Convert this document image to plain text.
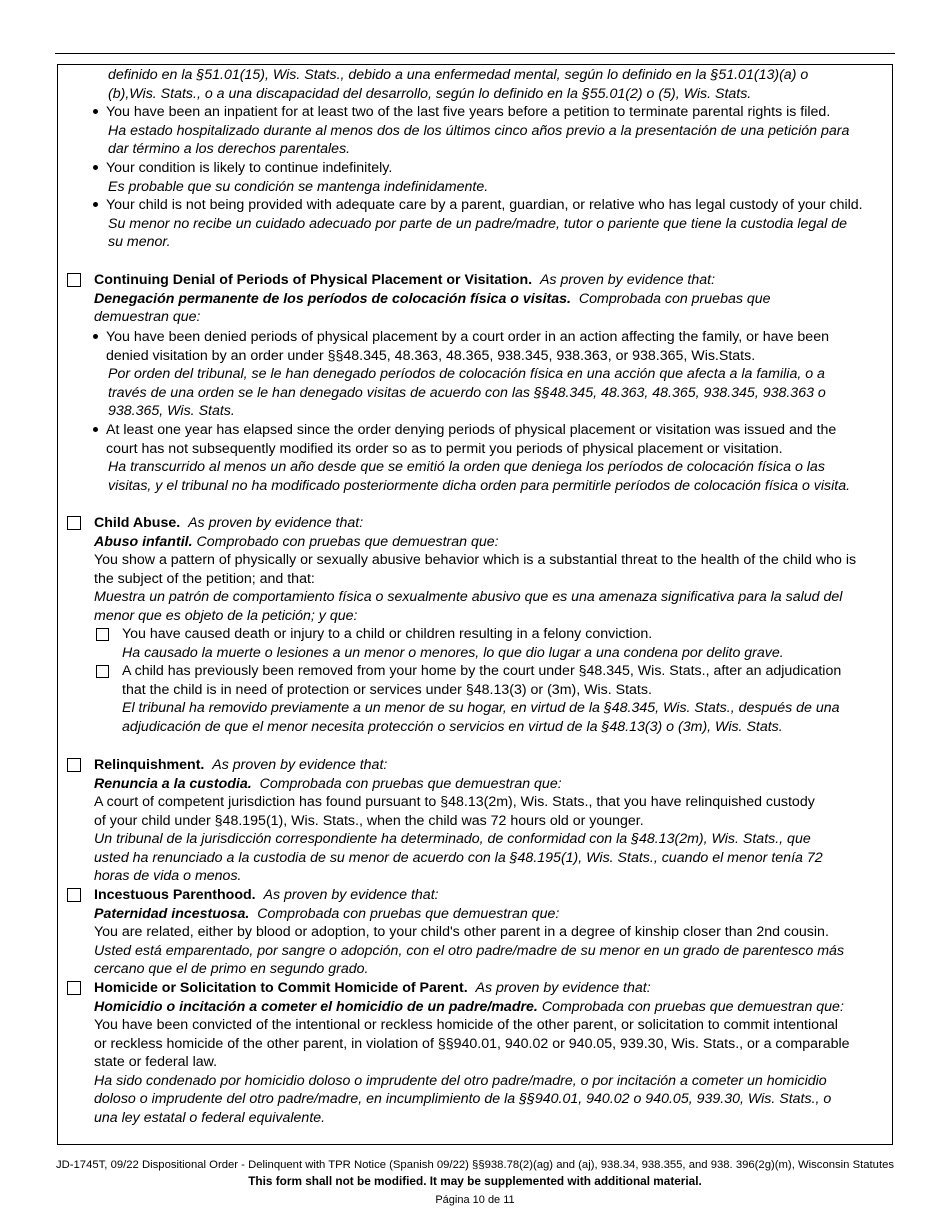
definido en la §51.01(15), Wis. Stats., debido a una enfermedad mental, según lo definido en la §51.01(13)(a) o
(b),Wis. Stats., o a una discapacidad del desarrollo, según lo definido en la §55.01(2) o (5), Wis. Stats.
You have been an inpatient for at least two of the last five years before a petition to terminate parental rights is filed.
Ha estado hospitalizado durante al menos dos de los últimos cinco años previo a la presentación de una petición para
dar término a los derechos parentales.
Your condition is likely to continue indefinitely.
Es probable que su condición se mantenga indefinidamente.
Your child is not being provided with adequate care by a parent, guardian, or relative who has legal custody of your child.
Su menor no recibe un cuidado adecuado por parte de un padre/madre, tutor o pariente que tiene la custodia legal de
su menor.
Continuing Denial of Periods of Physical Placement or Visitation. As proven by evidence that:
Denegación permanente de los períodos de colocación física o visitas. Comprobada con pruebas que
demuestran que:
You have been denied periods of physical placement by a court order in an action affecting the family, or have been
denied visitation by an order under §§48.345, 48.363, 48.365, 938.345, 938.363, or 938.365, Wis.Stats.
Por orden del tribunal, se le han denegado períodos de colocación física en una acción que afecta a la familia, o a
través de una orden se le han denegado visitas de acuerdo con las §§48.345, 48.363, 48.365, 938.345, 938.363 o
938.365, Wis. Stats.
At least one year has elapsed since the order denying periods of physical placement or visitation was issued and the
court has not subsequently modified its order so as to permit you periods of physical placement or visitation.
Ha transcurrido al menos un año desde que se emitió la orden que deniega los períodos de colocación física o las
visitas, y el tribunal no ha modificado posteriormente dicha orden para permitirle períodos de colocación física o visita.
Child Abuse. As proven by evidence that:
Abuso infantil. Comprobado con pruebas que demuestran que:
You show a pattern of physically or sexually abusive behavior which is a substantial threat to the health of the child who is
the subject of the petition; and that:
Muestra un patrón de comportamiento física o sexualmente abusivo que es una amenaza significativa para la salud del
menor que es objeto de la petición; y que:
You have caused death or injury to a child or children resulting in a felony conviction.
Ha causado la muerte o lesiones a un menor o menores, lo que dio lugar a una condena por delito grave.
A child has previously been removed from your home by the court under §48.345, Wis. Stats., after an adjudication
that the child is in need of protection or services under §48.13(3) or (3m), Wis. Stats.
El tribunal ha removido previamente a un menor de su hogar, en virtud de la §48.345, Wis. Stats., después de una
adjudicación de que el menor necesita protección o servicios en virtud de la §48.13(3) o (3m), Wis. Stats.
Relinquishment. As proven by evidence that:
Renuncia a la custodia. Comprobada con pruebas que demuestran que:
A court of competent jurisdiction has found pursuant to §48.13(2m), Wis. Stats., that you have relinquished custody
of your child under §48.195(1), Wis. Stats., when the child was 72 hours old or younger.
Un tribunal de la jurisdicción correspondiente ha determinado, de conformidad con la §48.13(2m), Wis. Stats., que
usted ha renunciado a la custodia de su menor de acuerdo con la §48.195(1), Wis. Stats., cuando el menor tenía 72
horas de vida o menos.
Incestuous Parenthood. As proven by evidence that:
Paternidad incestuosa. Comprobada con pruebas que demuestran que:
You are related, either by blood or adoption, to your child's other parent in a degree of kinship closer than 2nd cousin.
Usted está emparentado, por sangre o adopción, con el otro padre/madre de su menor en un grado de parentesco más
cercano que el de primo en segundo grado.
Homicide or Solicitation to Commit Homicide of Parent. As proven by evidence that:
Homicidio o incitación a cometer el homicidio de un padre/madre. Comprobada con pruebas que demuestran que:
You have been convicted of the intentional or reckless homicide of the other parent, or solicitation to commit intentional
or reckless homicide of the other parent, in violation of §§940.01, 940.02 or 940.05, 939.30, Wis. Stats., or a comparable
state or federal law.
Ha sido condenado por homicidio doloso o imprudente del otro padre/madre, o por incitación a cometer un homicidio
doloso o imprudente del otro padre/madre, en incumplimiento de la §§940.01, 940.02 o 940.05, 939.30, Wis. Stats., o
una ley estatal o federal equivalente.
JD-1745T, 09/22 Dispositional Order - Delinquent with TPR Notice (Spanish 09/22) §§938.78(2)(ag) and (aj), 938.34, 938.355, and 938. 396(2g)(m), Wisconsin Statutes
This form shall not be modified. It may be supplemented with additional material.
Página 10 de 11
